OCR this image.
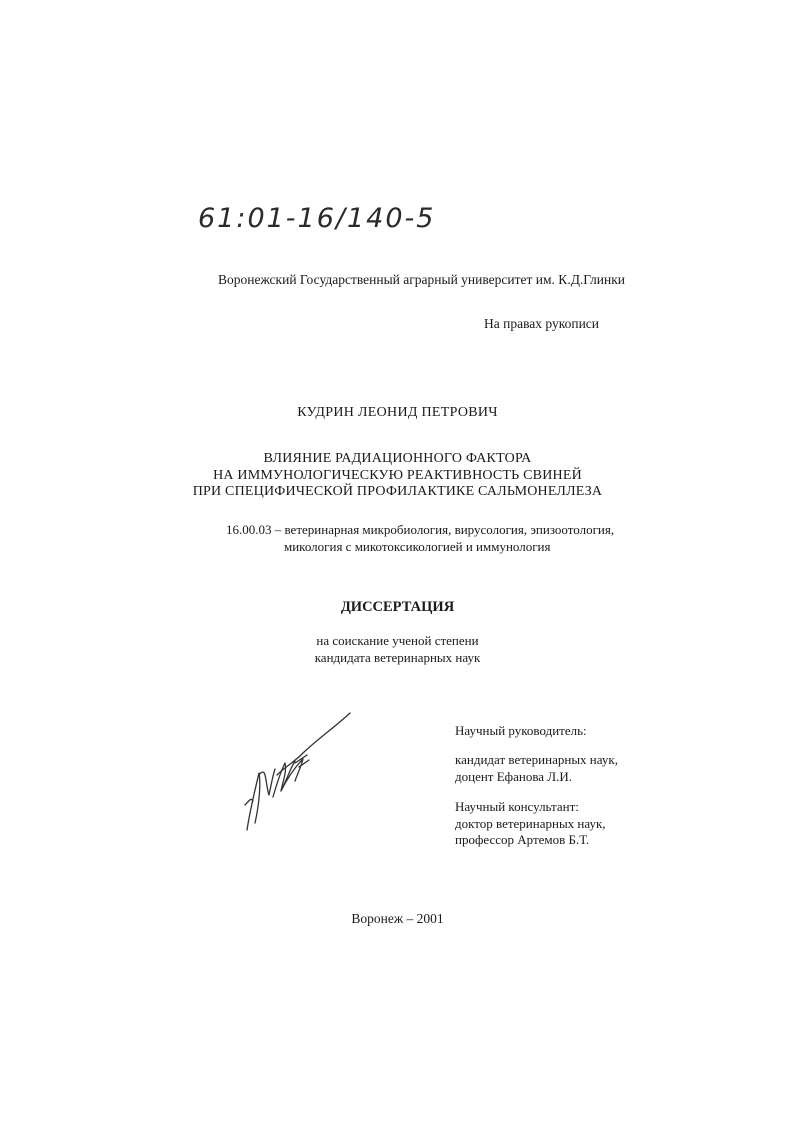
61:01-16/140-5
Воронежский Государственный аграрный университет им. К.Д.Глинки
На правах рукописи
КУДРИН ЛЕОНИД ПЕТРОВИЧ
ВЛИЯНИЕ РАДИАЦИОННОГО ФАКТОРА
НА ИММУНОЛОГИЧЕСКУЮ РЕАКТИВНОСТЬ СВИНЕЙ
ПРИ СПЕЦИФИЧЕСКОЙ ПРОФИЛАКТИКЕ САЛЬМОНЕЛЛЕЗА
16.00.03 – ветеринарная микробиология, вирусология, эпизоотология,
микология с микотоксикологией и иммунология
ДИССЕРТАЦИЯ
на соискание ученой степени
кандидата ветеринарных наук
Научный руководитель:
кандидат ветеринарных наук,
доцент Ефанова Л.И.
Научный консультант:
доктор ветеринарных наук,
профессор Артемов Б.Т.
Воронеж – 2001
